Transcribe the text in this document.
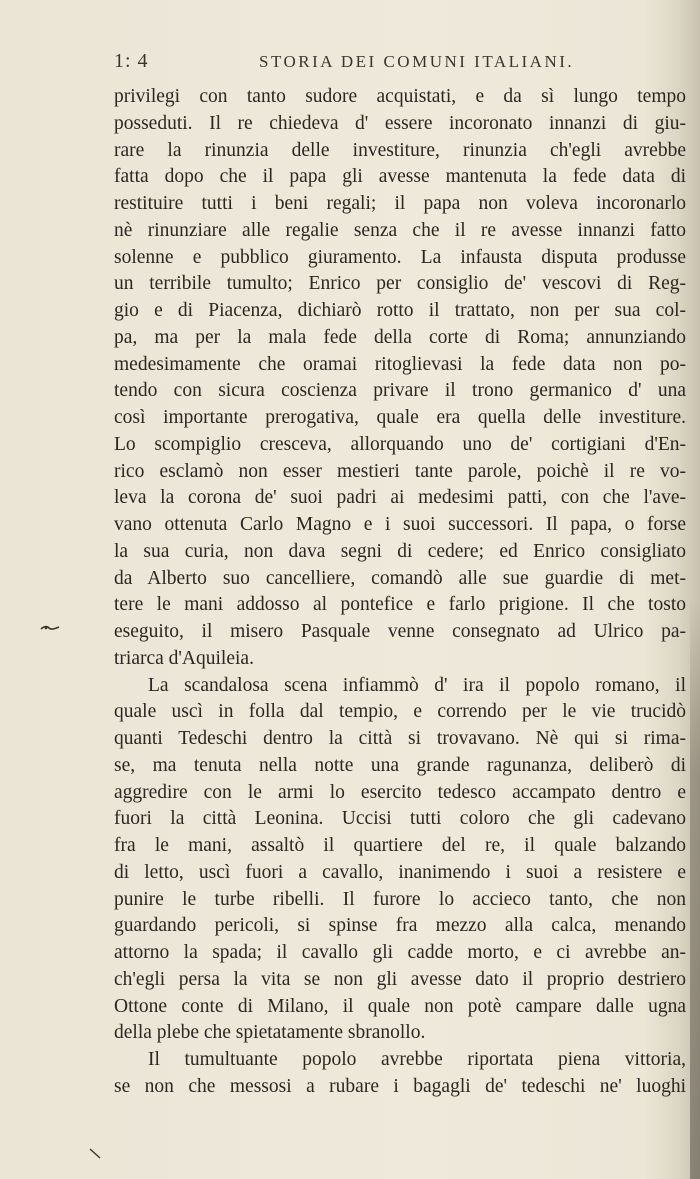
1: 4	STORIA DEI COMUNI ITALIANI.
privilegi con tanto sudore acquistati, e da sì lungo tempo
posseduti. Il re chiedeva d' essere incoronato innanzi di giu-
rare la rinunzia delle investiture, rinunzia ch'egli avrebbe
fatta dopo che il papa gli avesse mantenuta la fede data di
restituire tutti i beni regali; il papa non voleva incoronarlo
nè rinunziare alle regalie senza che il re avesse innanzi fatto
solenne e pubblico giuramento. La infausta disputa produsse
un terribile tumulto; Enrico per consiglio de' vescovi di Reg-
gio e di Piacenza, dichiarò rotto il trattato, non per sua col-
pa, ma per la mala fede della corte di Roma; annunziando
medesimamente che oramai ritoglievasi la fede data non po-
tendo con sicura coscienza privare il trono germanico d' una
così importante prerogativa, quale era quella delle investiture.
Lo scompiglio cresceva, allorquando uno de' cortigiani d'En-
rico esclamò non esser mestieri tante parole, poichè il re vo-
leva la corona de' suoi padri ai medesimi patti, con che l'ave-
vano ottenuta Carlo Magno e i suoi successori. Il papa, o forse
la sua curia, non dava segni di cedere; ed Enrico consigliato
da Alberto suo cancelliere, comandò alle sue guardie di met-
tere le mani addosso al pontefice e farlo prigione. Il che tosto
eseguito, il misero Pasquale venne consegnato ad Ulrico pa-
triarca d'Aquileia.
La scandalosa scena infiammò d' ira il popolo romano, il
quale uscì in folla dal tempio, e correndo per le vie trucidò
quanti Tedeschi dentro la città si trovavano. Nè qui si rima-
se, ma tenuta nella notte una grande ragunanza, deliberò di
aggredire con le armi lo esercito tedesco accampato dentro e
fuori la città Leonina. Uccisi tutti coloro che gli cadevano
fra le mani, assaltò il quartiere del re, il quale balzando
di letto, uscì fuori a cavallo, inanimendo i suoi a resistere e
punire le turbe ribelli. Il furore lo accieco tanto, che non
guardando pericoli, si spinse fra mezzo alla calca, menando
attorno la spada; il cavallo gli cadde morto, e ci avrebbe an-
ch'egli persa la vita se non gli avesse dato il proprio destriero
Ottone conte di Milano, il quale non potè campare dalle ugna
della plebe che spietatamente sbranollo.
Il tumultuante popolo avrebbe riportata piena vittoria,
se non che messosi a rubare i bagagli de' tedeschi ne' luoghi
